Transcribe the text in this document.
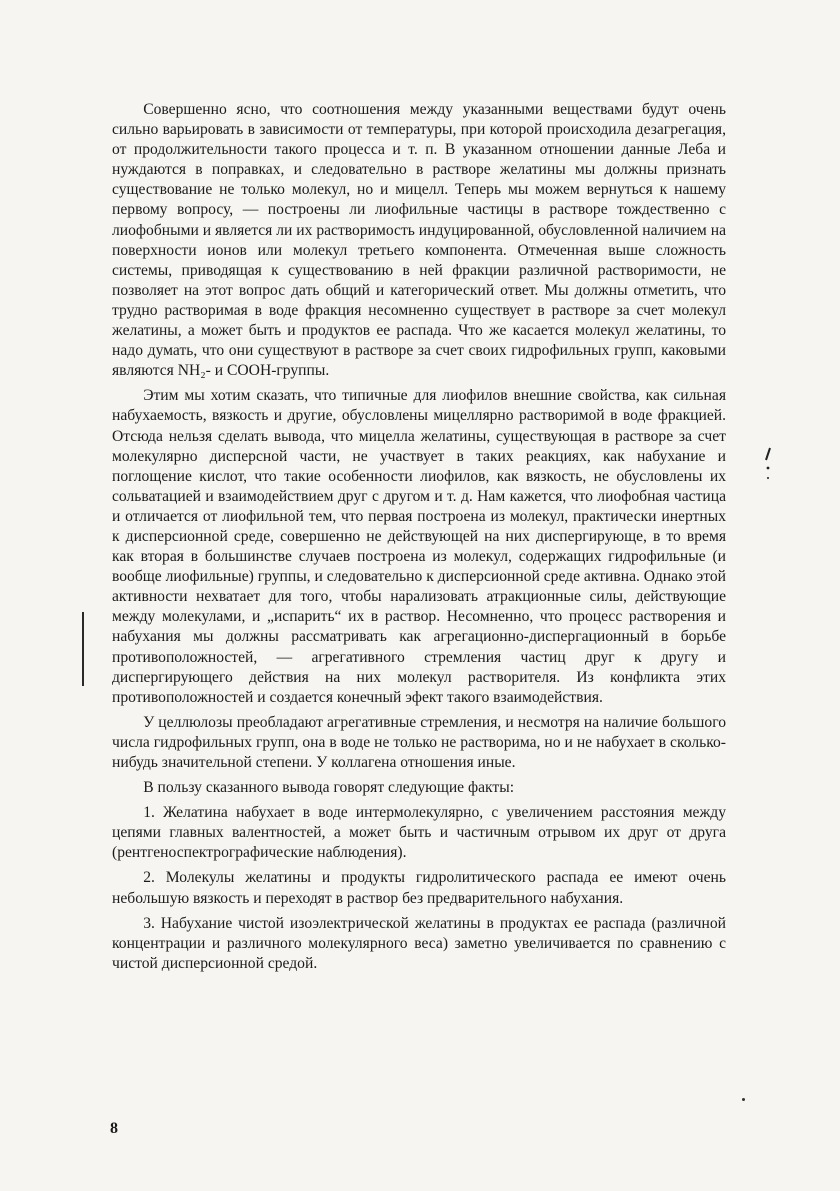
Совершенно ясно, что соотношения между указанными веществами будут очень сильно варьировать в зависимости от температуры, при которой происходила дезагрегация, от продолжительности такого процесса и т. п. В указанном отношении данные Леба и нуждаются в поправках, и следовательно в растворе желатины мы должны признать существование не только молекул, но и мицелл. Теперь мы можем вернуться к нашему первому вопросу, — построены ли лиофильные частицы в растворе тождественно с лиофобными и является ли их растворимость индуцированной, обусловленной наличием на поверхности ионов или молекул третьего компонента. Отмеченная выше сложность системы, приводящая к существованию в ней фракции различной растворимости, не позволяет на этот вопрос дать общий и категорический ответ. Мы должны отметить, что трудно растворимая в воде фракция несомненно существует в растворе за счет молекул желатины, а может быть и продуктов ее распада. Что же касается молекул желатины, то надо думать, что они существуют в растворе за счет своих гидрофильных групп, каковыми являются NH₂- и COOH-группы.

Этим мы хотим сказать, что типичные для лиофилов внешние свойства, как сильная набухаемость, вязкость и другие, обусловлены мицеллярно растворимой в воде фракцией. Отсюда нельзя сделать вывода, что мицелла желатины, существующая в растворе за счет молекулярно дисперсной части, не участвует в таких реакциях, как набухание и поглощение кислот, что такие особенности лиофилов, как вязкость, не обусловлены их сольватацией и взаимодействием друг с другом и т. д. Нам кажется, что лиофобная частица и отличается от лиофильной тем, что первая построена из молекул, практически инертных к дисперсионной среде, совершенно не действующей на них диспергирующе, в то время как вторая в большинстве случаев построена из молекул, содержащих гидрофильные (и вообще лиофильные) группы, и следовательно к дисперсионной среде активна. Однако этой активности нехватает для того, чтобы нарализовать атракционные силы, действующие между молекулами, и „испарить“ их в раствор. Несомненно, что процесс растворения и набухания мы должны рассматривать как агрегационно-диспергационный в борьбе противоположностей, — агрегативного стремления частиц друг к другу и диспергирующего действия на них молекул растворителя. Из конфликта этих противоположностей и создается конечный эфект такого взаимодействия.

У целлюлозы преобладают агрегативные стремления, и несмотря на наличие большого числа гидрофильных групп, она в воде не только не растворима, но и не набухает в сколько-нибудь значительной степени. У коллагена отношения иные.

В пользу сказанного вывода говорят следующие факты:

1. Желатина набухает в воде интермолекулярно, с увеличением расстояния между цепями главных валентностей, а может быть и частичным отрывом их друг от друга (рентгеноспектрографические наблюдения).

2. Молекулы желатины и продукты гидролитического распада ее имеют очень небольшую вязкость и переходят в раствор без предварительного набухания.

3. Набухание чистой изоэлектрической желатины в продуктах ее распада (различной концентрации и различного молекулярного веса) заметно увеличивается по сравнению с чистой дисперсионной средой.

8
